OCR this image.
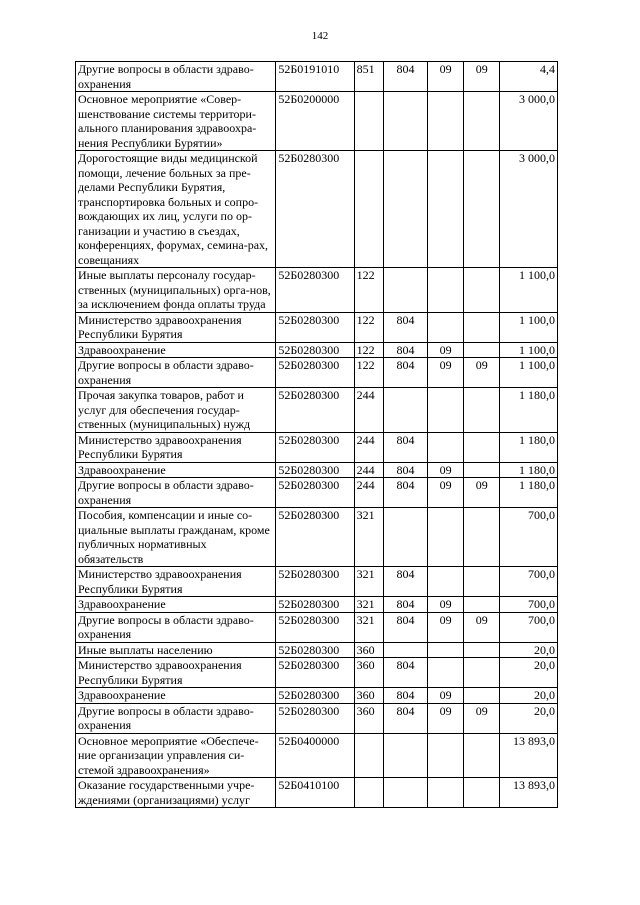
142
Другие вопросы в области здраво-охранения	52Б0191010	851	804	09	09	4,4
Основное мероприятие «Совер-шенствование системы территори-ального планирования здравоохра-нения Республики Бурятии»	52Б0200000					3 000,0
Дорогостоящие виды медицинской помощи, лечение больных за пре-делами Республики Бурятия, транспортировка больных и сопро-вождающих их лиц, услуги по ор-ганизации и участию в съездах, конференциях, форумах, семина-рах, совещаниях	52Б0280300					3 000,0
Иные выплаты персоналу государ-ственных (муниципальных) орга-нов, за исключением фонда оплаты труда	52Б0280300	122				1 100,0
Министерство здравоохранения Республики Бурятия	52Б0280300	122	804			1 100,0
Здравоохранение	52Б0280300	122	804	09		1 100,0
Другие вопросы в области здраво-охранения	52Б0280300	122	804	09	09	1 100,0
Прочая закупка товаров, работ и услуг для обеспечения государ-ственных (муниципальных) нужд	52Б0280300	244				1 180,0
Министерство здравоохранения Республики Бурятия	52Б0280300	244	804			1 180,0
Здравоохранение	52Б0280300	244	804	09		1 180,0
Другие вопросы в области здраво-охранения	52Б0280300	244	804	09	09	1 180,0
Пособия, компенсации и иные со-циальные выплаты гражданам, кроме публичных нормативных обязательств	52Б0280300	321				700,0
Министерство здравоохранения Республики Бурятия	52Б0280300	321	804			700,0
Здравоохранение	52Б0280300	321	804	09		700,0
Другие вопросы в области здраво-охранения	52Б0280300	321	804	09	09	700,0
Иные выплаты населению	52Б0280300	360				20,0
Министерство здравоохранения Республики Бурятия	52Б0280300	360	804			20,0
Здравоохранение	52Б0280300	360	804	09		20,0
Другие вопросы в области здраво-охранения	52Б0280300	360	804	09	09	20,0
Основное мероприятие «Обеспече-ние организации управления си-стемой здравоохранения»	52Б0400000					13 893,0
Оказание государственными учре-ждениями (организациями) услуг	52Б0410100					13 893,0
